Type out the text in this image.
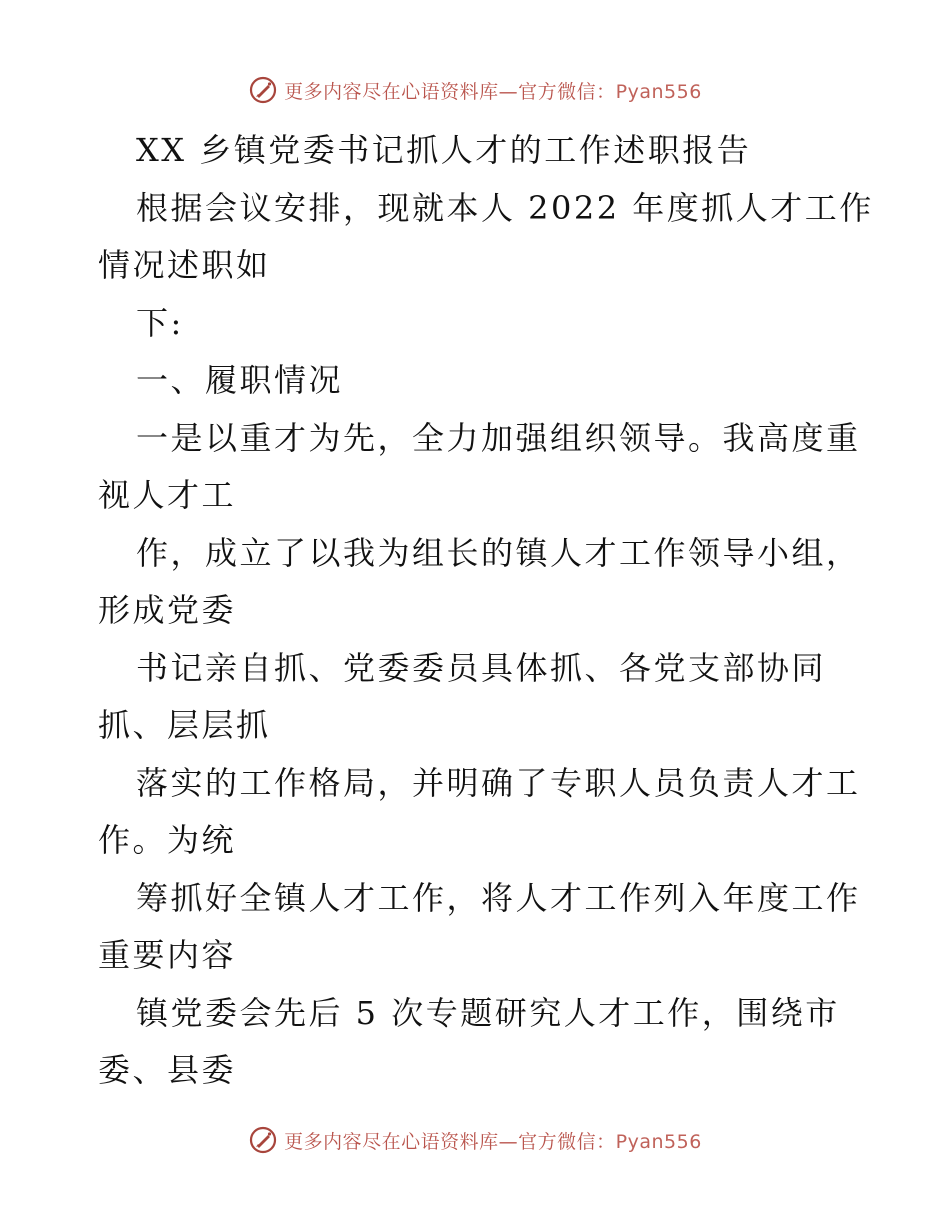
更多内容尽在心语资料库—官方微信：Pyan556
XX 乡镇党委书记抓人才的工作述职报告
根据会议安排，现就本人 2022 年度抓人才工作
情况述职如
下:
一、履职情况
一是以重才为先，全力加强组织领导。我高度重
视人才工
作，成立了以我为组长的镇人才工作领导小组，
形成党委
书记亲自抓、党委委员具体抓、各党支部协同
抓、层层抓
落实的工作格局，并明确了专职人员负责人才工
作。为统
筹抓好全镇人才工作，将人才工作列入年度工作
重要内容
镇党委会先后 5 次专题研究人才工作，围绕市
委、县委
更多内容尽在心语资料库—官方微信：Pyan556
